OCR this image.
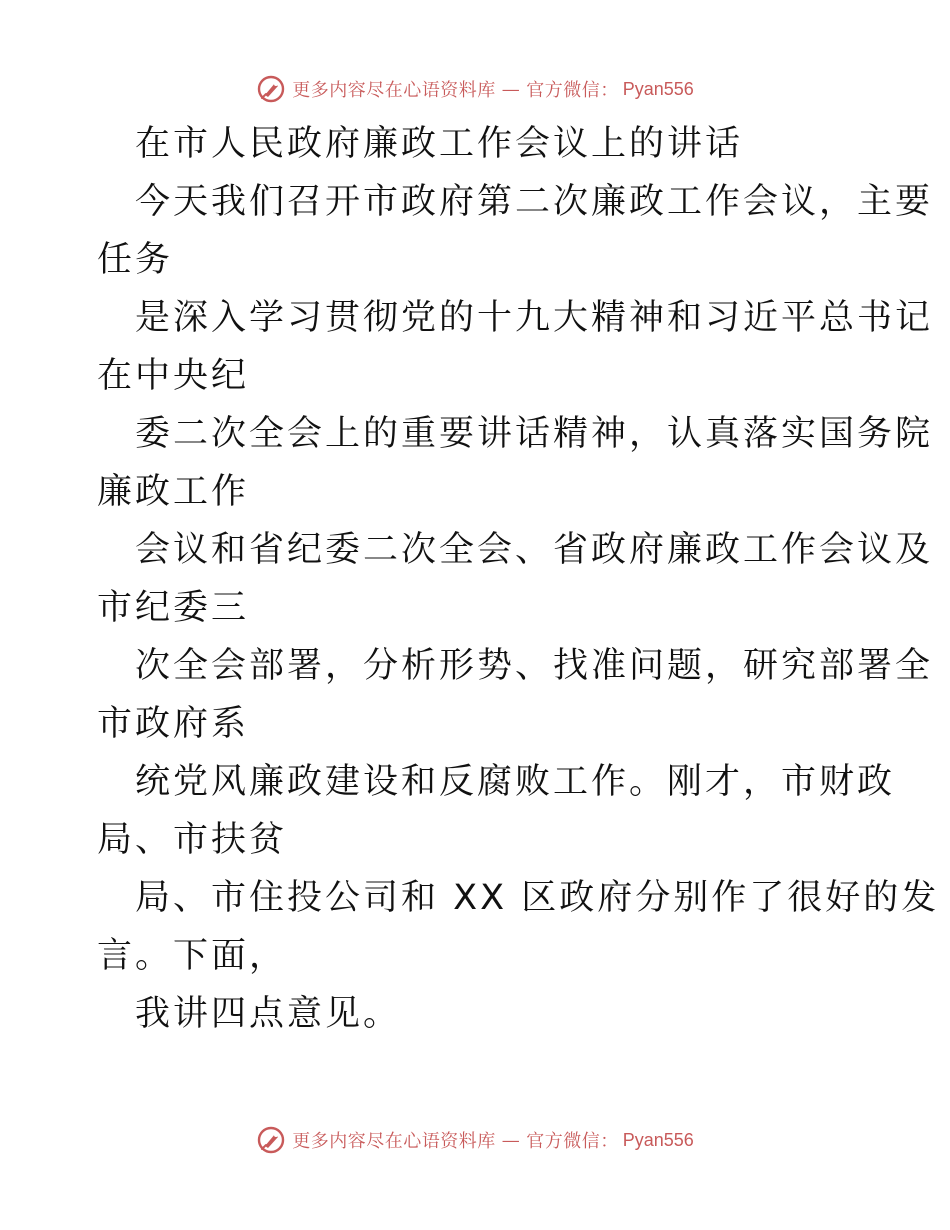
更多内容尽在心语资料库 — 官方微信： Pyan556
在市人民政府廉政工作会议上的讲话
今天我们召开市政府第二次廉政工作会议，主要
任务
是深入学习贯彻党的十九大精神和习近平总书记
在中央纪
委二次全会上的重要讲话精神，认真落实国务院
廉政工作
会议和省纪委二次全会、省政府廉政工作会议及
市纪委三
次全会部署，分析形势、找准问题，研究部署全
市政府系
统党风廉政建设和反腐败工作。刚才，市财政
局、市扶贫
局、市住投公司和 XX 区政府分别作了很好的发
言。下面，
我讲四点意见。
更多内容尽在心语资料库 — 官方微信： Pyan556
